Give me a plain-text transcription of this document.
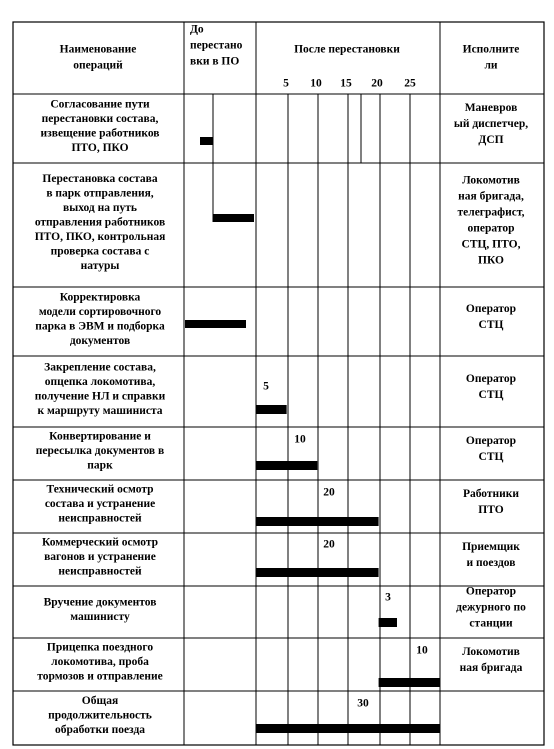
Наименование
операций
До
перестано
вки в ПО
После перестановки	Исполните
ли
5 10 15 20 25
Согласование пути
перестановки состава,
извещение работников
ПТО, ПКО
Маневров
ый диспетчер,
ДСП
Перестановка состава
в парк отправления,
выход на путь
отправления работников
ПТО, ПКО, контрольная
проверка состава с
натуры
Локомотив
ная бригада,
телеграфист,
оператор
СТЦ, ПТО,
ПКО
Корректировка
модели сортировочного
парка в ЭВМ и подборка
документов
Оператор
СТЦ
Закрепление состава,
опцепка локомотива,
получение НЛ и справки
к маршруту машиниста
Оператор
СТЦ
5
Конвертирование и
пересылка документов в
парк
Оператор
СТЦ
10
Технический осмотр
состава и устранение
неисправностей
Работники
ПТО
20
Коммерческий осмотр
вагонов и устранение
неисправностей
Приемщик
и поездов
20
Вручение документов
машинисту
Оператор
дежурного по
станции
3
Прицепка поездного
локомотива, проба
тормозов и отправление
Локомотив
ная бригада
10
Общая
продолжительность
обработки поезда
30
